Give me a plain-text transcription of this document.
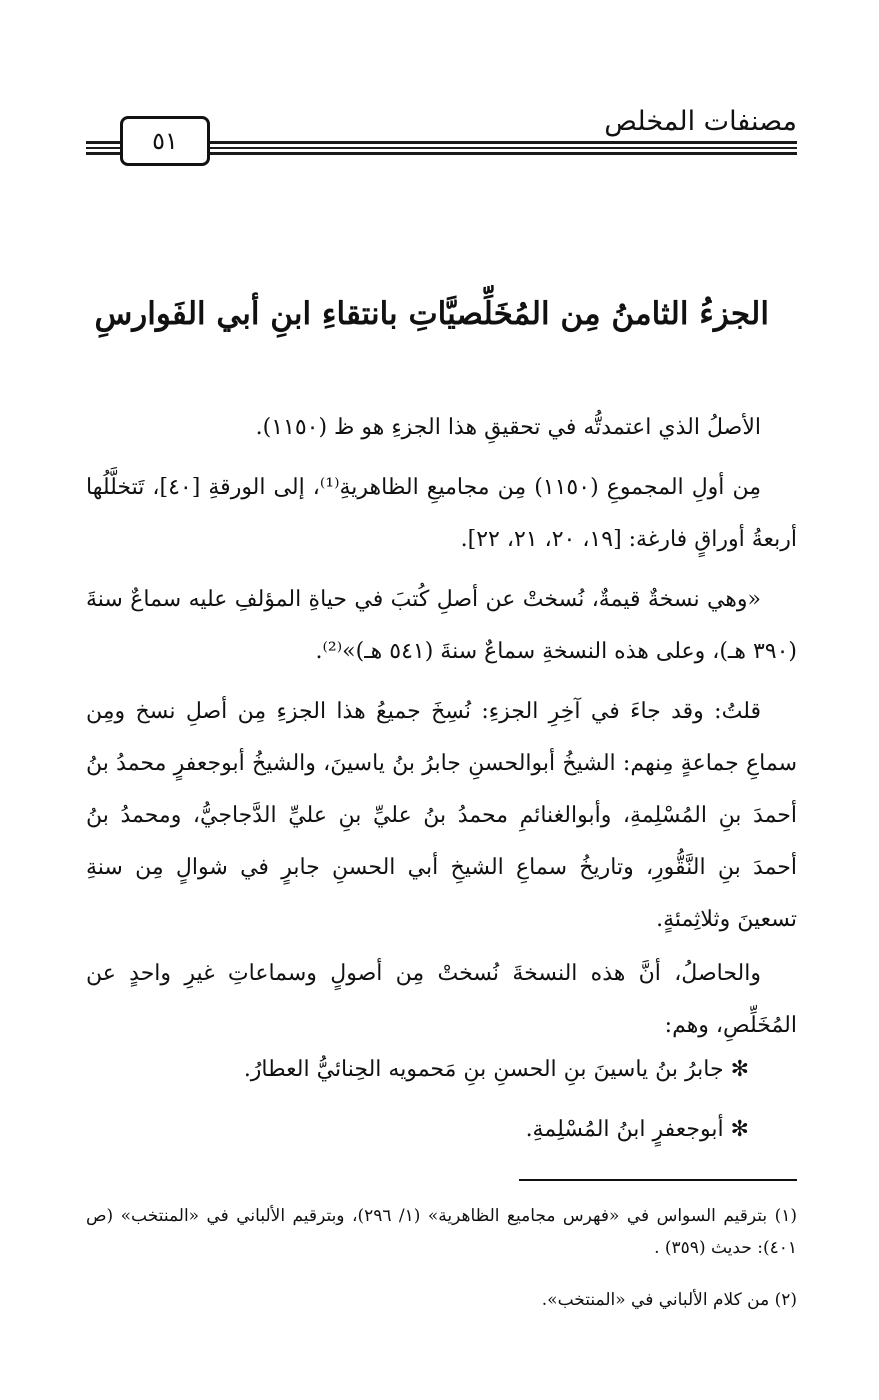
مصنفات المخلص
٥١
الجزءُ الثامنُ مِن المُخَلِّصيَّاتِ بانتقاءِ ابنِ أبي الفَوارسِ

الأصلُ الذي اعتمدتُّه في تحقيقِ هذا الجزءِ هو ظ (١١٥٠).

مِن أولِ المجموعِ (١١٥٠) مِن مجاميعِ الظاهريةِ⁽¹⁾، إلى الورقةِ [٤٠]، تَتخلَّلُها أربعةُ أوراقٍ فارغة: [١٩، ٢٠، ٢١، ٢٢].

«وهي نسخةٌ قيمةٌ، نُسختْ عن أصلِ كُتبَ في حياةِ المؤلفِ عليه سماعٌ سنةَ (٣٩٠ هـ)، وعلى هذه النسخةِ سماعٌ سنةَ (٥٤١ هـ)»⁽²⁾.

قلتُ: وقد جاءَ في آخِرِ الجزءِ: نُسِخَ جميعُ هذا الجزءِ مِن أصلِ نسخ ومِن سماعِ جماعةٍ مِنهم: الشيخُ أبوالحسنِ جابرُ بنُ ياسينَ، والشيخُ أبوجعفرٍ محمدُ بنُ أحمدَ بنِ المُسْلِمةِ، وأبوالغنائمِ محمدُ بنُ عليِّ بنِ عليِّ الدَّجاجيُّ، ومحمدُ بنُ أحمدَ بنِ النَّقُّورِ، وتاريخُ سماعِ الشيخِ أبي الحسنِ جابرٍ في شوالٍ مِن سنةِ تسعينَ وثلاثِمئةٍ.

والحاصلُ، أنَّ هذه النسخةَ نُسختْ مِن أصولٍ وسماعاتِ غيرِ واحدٍ عن المُخَلِّصِ، وهم:

✻ جابرُ بنُ ياسينَ بنِ الحسنِ بنِ مَحمويه الحِنائيُّ العطارُ.
✻ أبوجعفرٍ ابنُ المُسْلِمةِ.
(١) بترقيم السواس في «فهرس مجاميع الظاهرية» (١/ ٢٩٦)، وبترقيم الألباني في «المنتخب» (ص ٤٠١): حديث (٣٥٩) .
(٢) من كلام الألباني في «المنتخب».
